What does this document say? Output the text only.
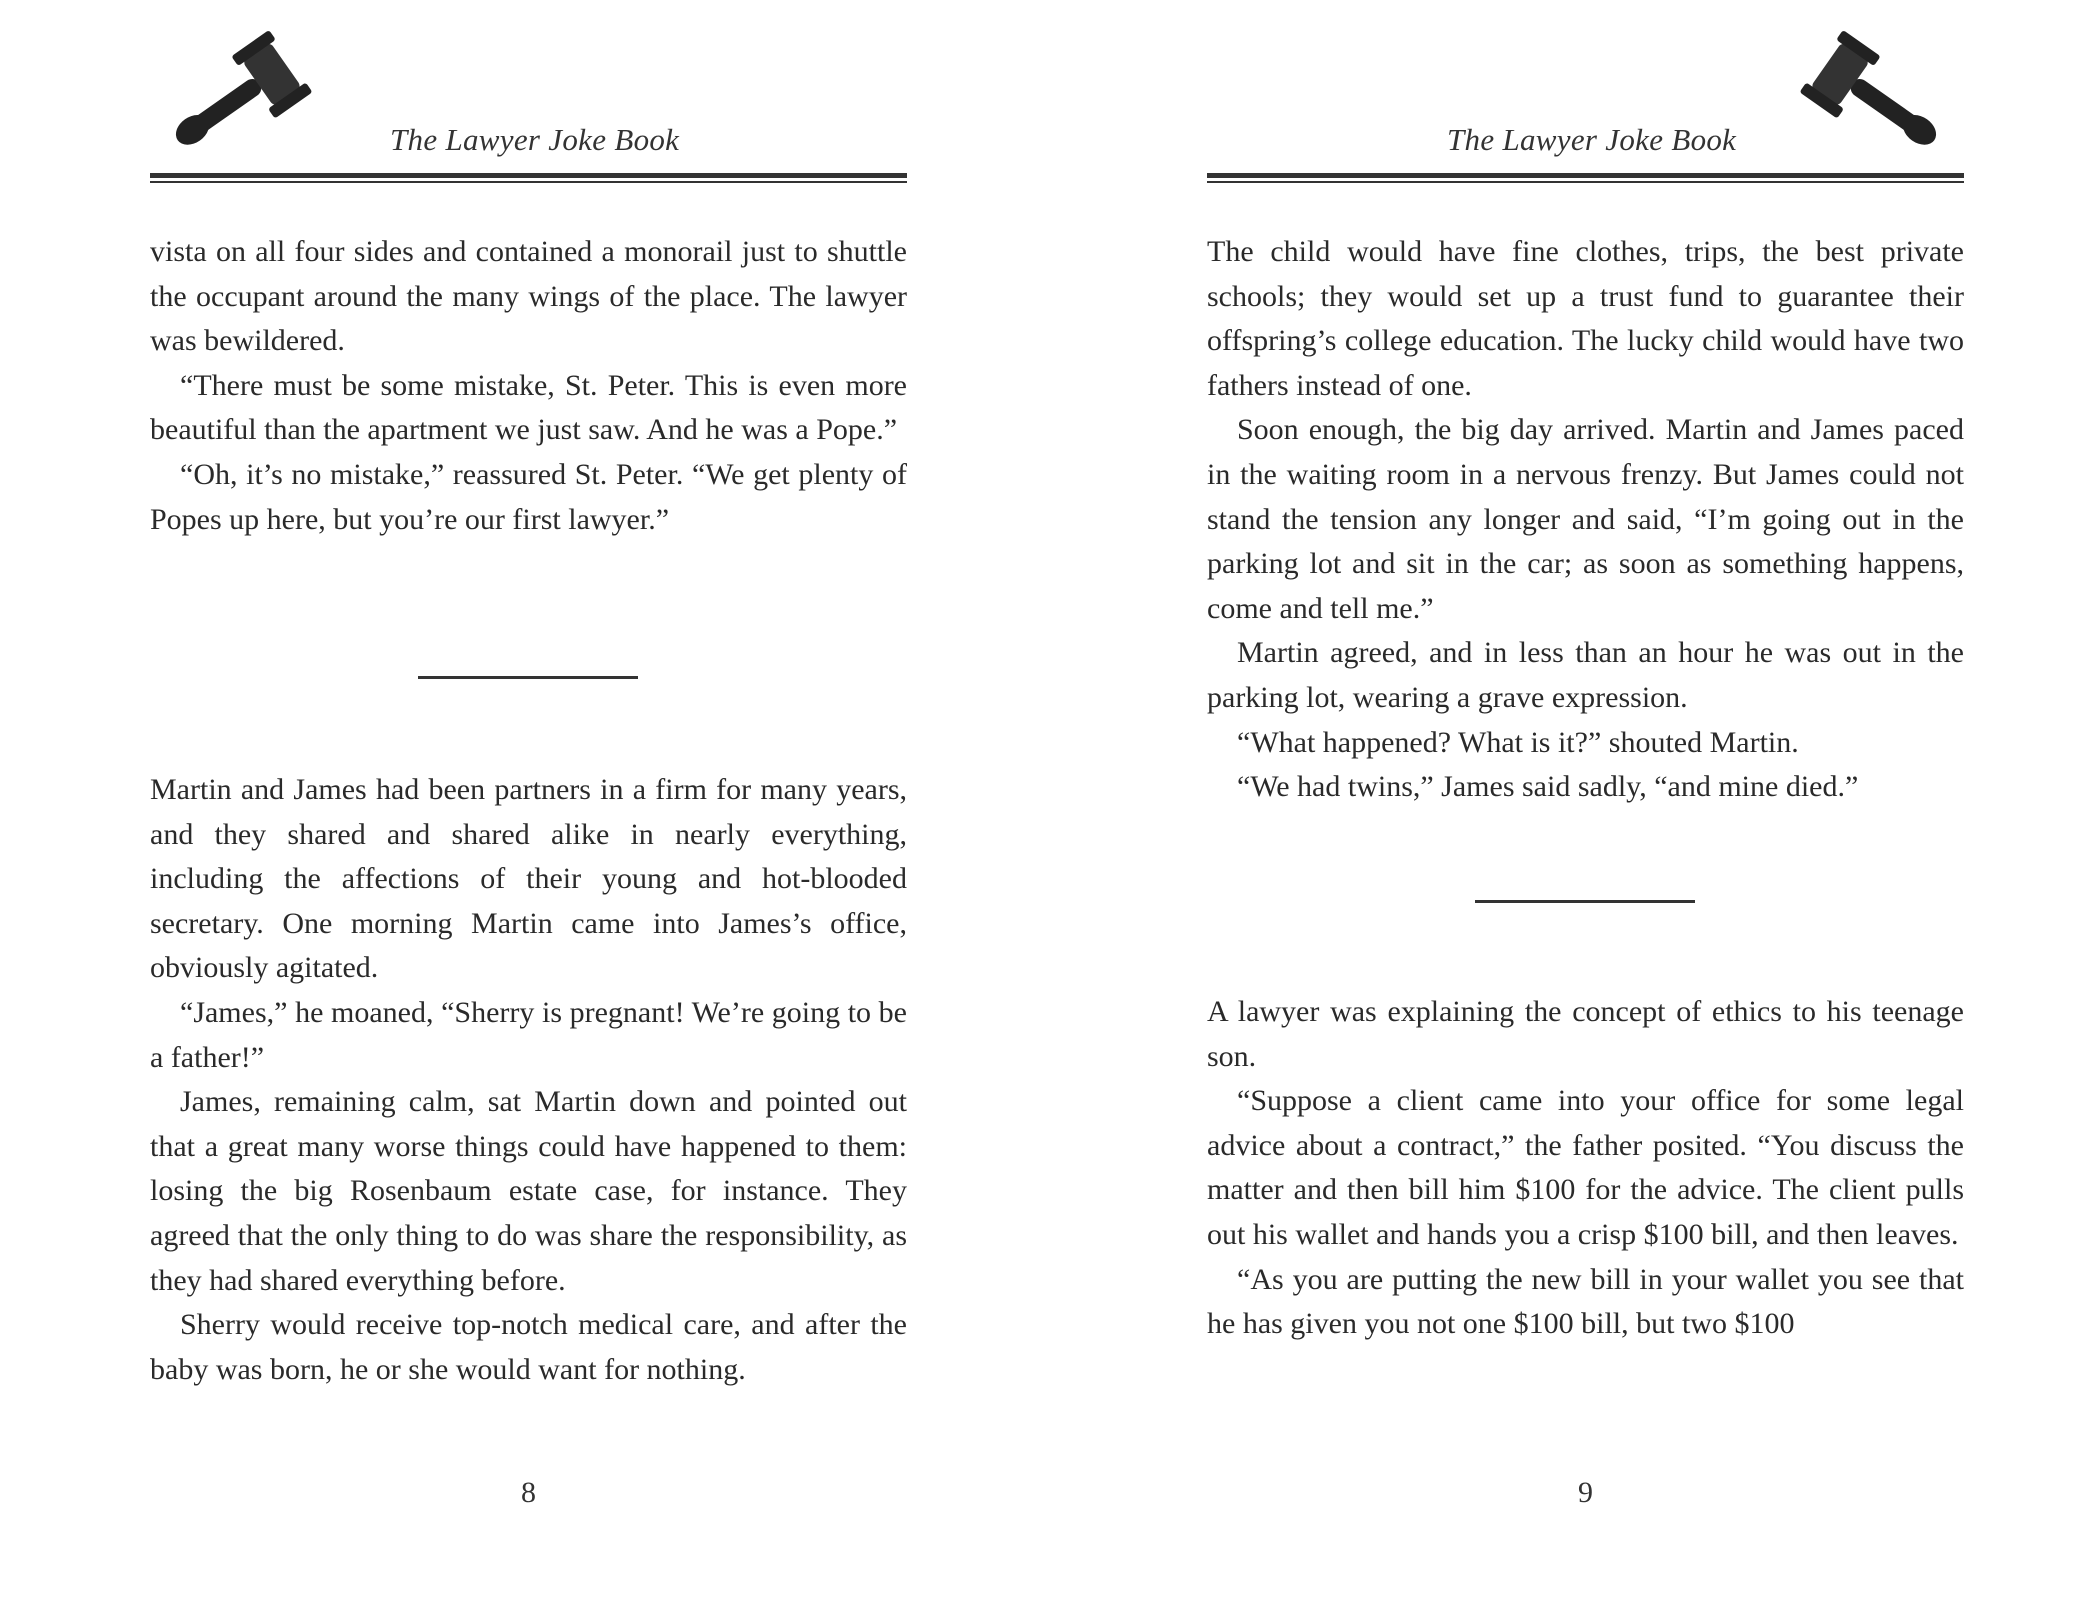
The Lawyer Joke Book

vista on all four sides and contained a monorail just to shuttle the occupant around the many wings of the place. The lawyer was bewildered.

“There must be some mistake, St. Peter. This is even more beautiful than the apartment we just saw. And he was a Pope.”

“Oh, it’s no mistake,” reassured St. Peter. “We get plenty of Popes up here, but you’re our first lawyer.”

Martin and James had been partners in a firm for many years, and they shared and shared alike in nearly everything, including the affections of their young and hot-blooded secretary. One morning Martin came into James’s office, obviously agitated.

“James,” he moaned, “Sherry is pregnant! We’re going to be a father!”

James, remaining calm, sat Martin down and pointed out that a great many worse things could have happened to them: losing the big Rosenbaum estate case, for instance. They agreed that the only thing to do was share the responsibility, as they had shared everything before.

Sherry would receive top-notch medical care, and after the baby was born, he or she would want for nothing.

8
The Lawyer Joke Book

The child would have fine clothes, trips, the best private schools; they would set up a trust fund to guarantee their offspring’s college education. The lucky child would have two fathers instead of one.

Soon enough, the big day arrived. Martin and James paced in the waiting room in a nervous frenzy. But James could not stand the tension any longer and said, “I’m going out in the parking lot and sit in the car; as soon as something happens, come and tell me.”

Martin agreed, and in less than an hour he was out in the parking lot, wearing a grave expression.

“What happened? What is it?” shouted Martin.

“We had twins,” James said sadly, “and mine died.”

A lawyer was explaining the concept of ethics to his teenage son.

“Suppose a client came into your office for some legal advice about a contract,” the father posited. “You discuss the matter and then bill him $100 for the advice. The client pulls out his wallet and hands you a crisp $100 bill, and then leaves.

“As you are putting the new bill in your wallet you see that he has given you not one $100 bill, but two $100

9
